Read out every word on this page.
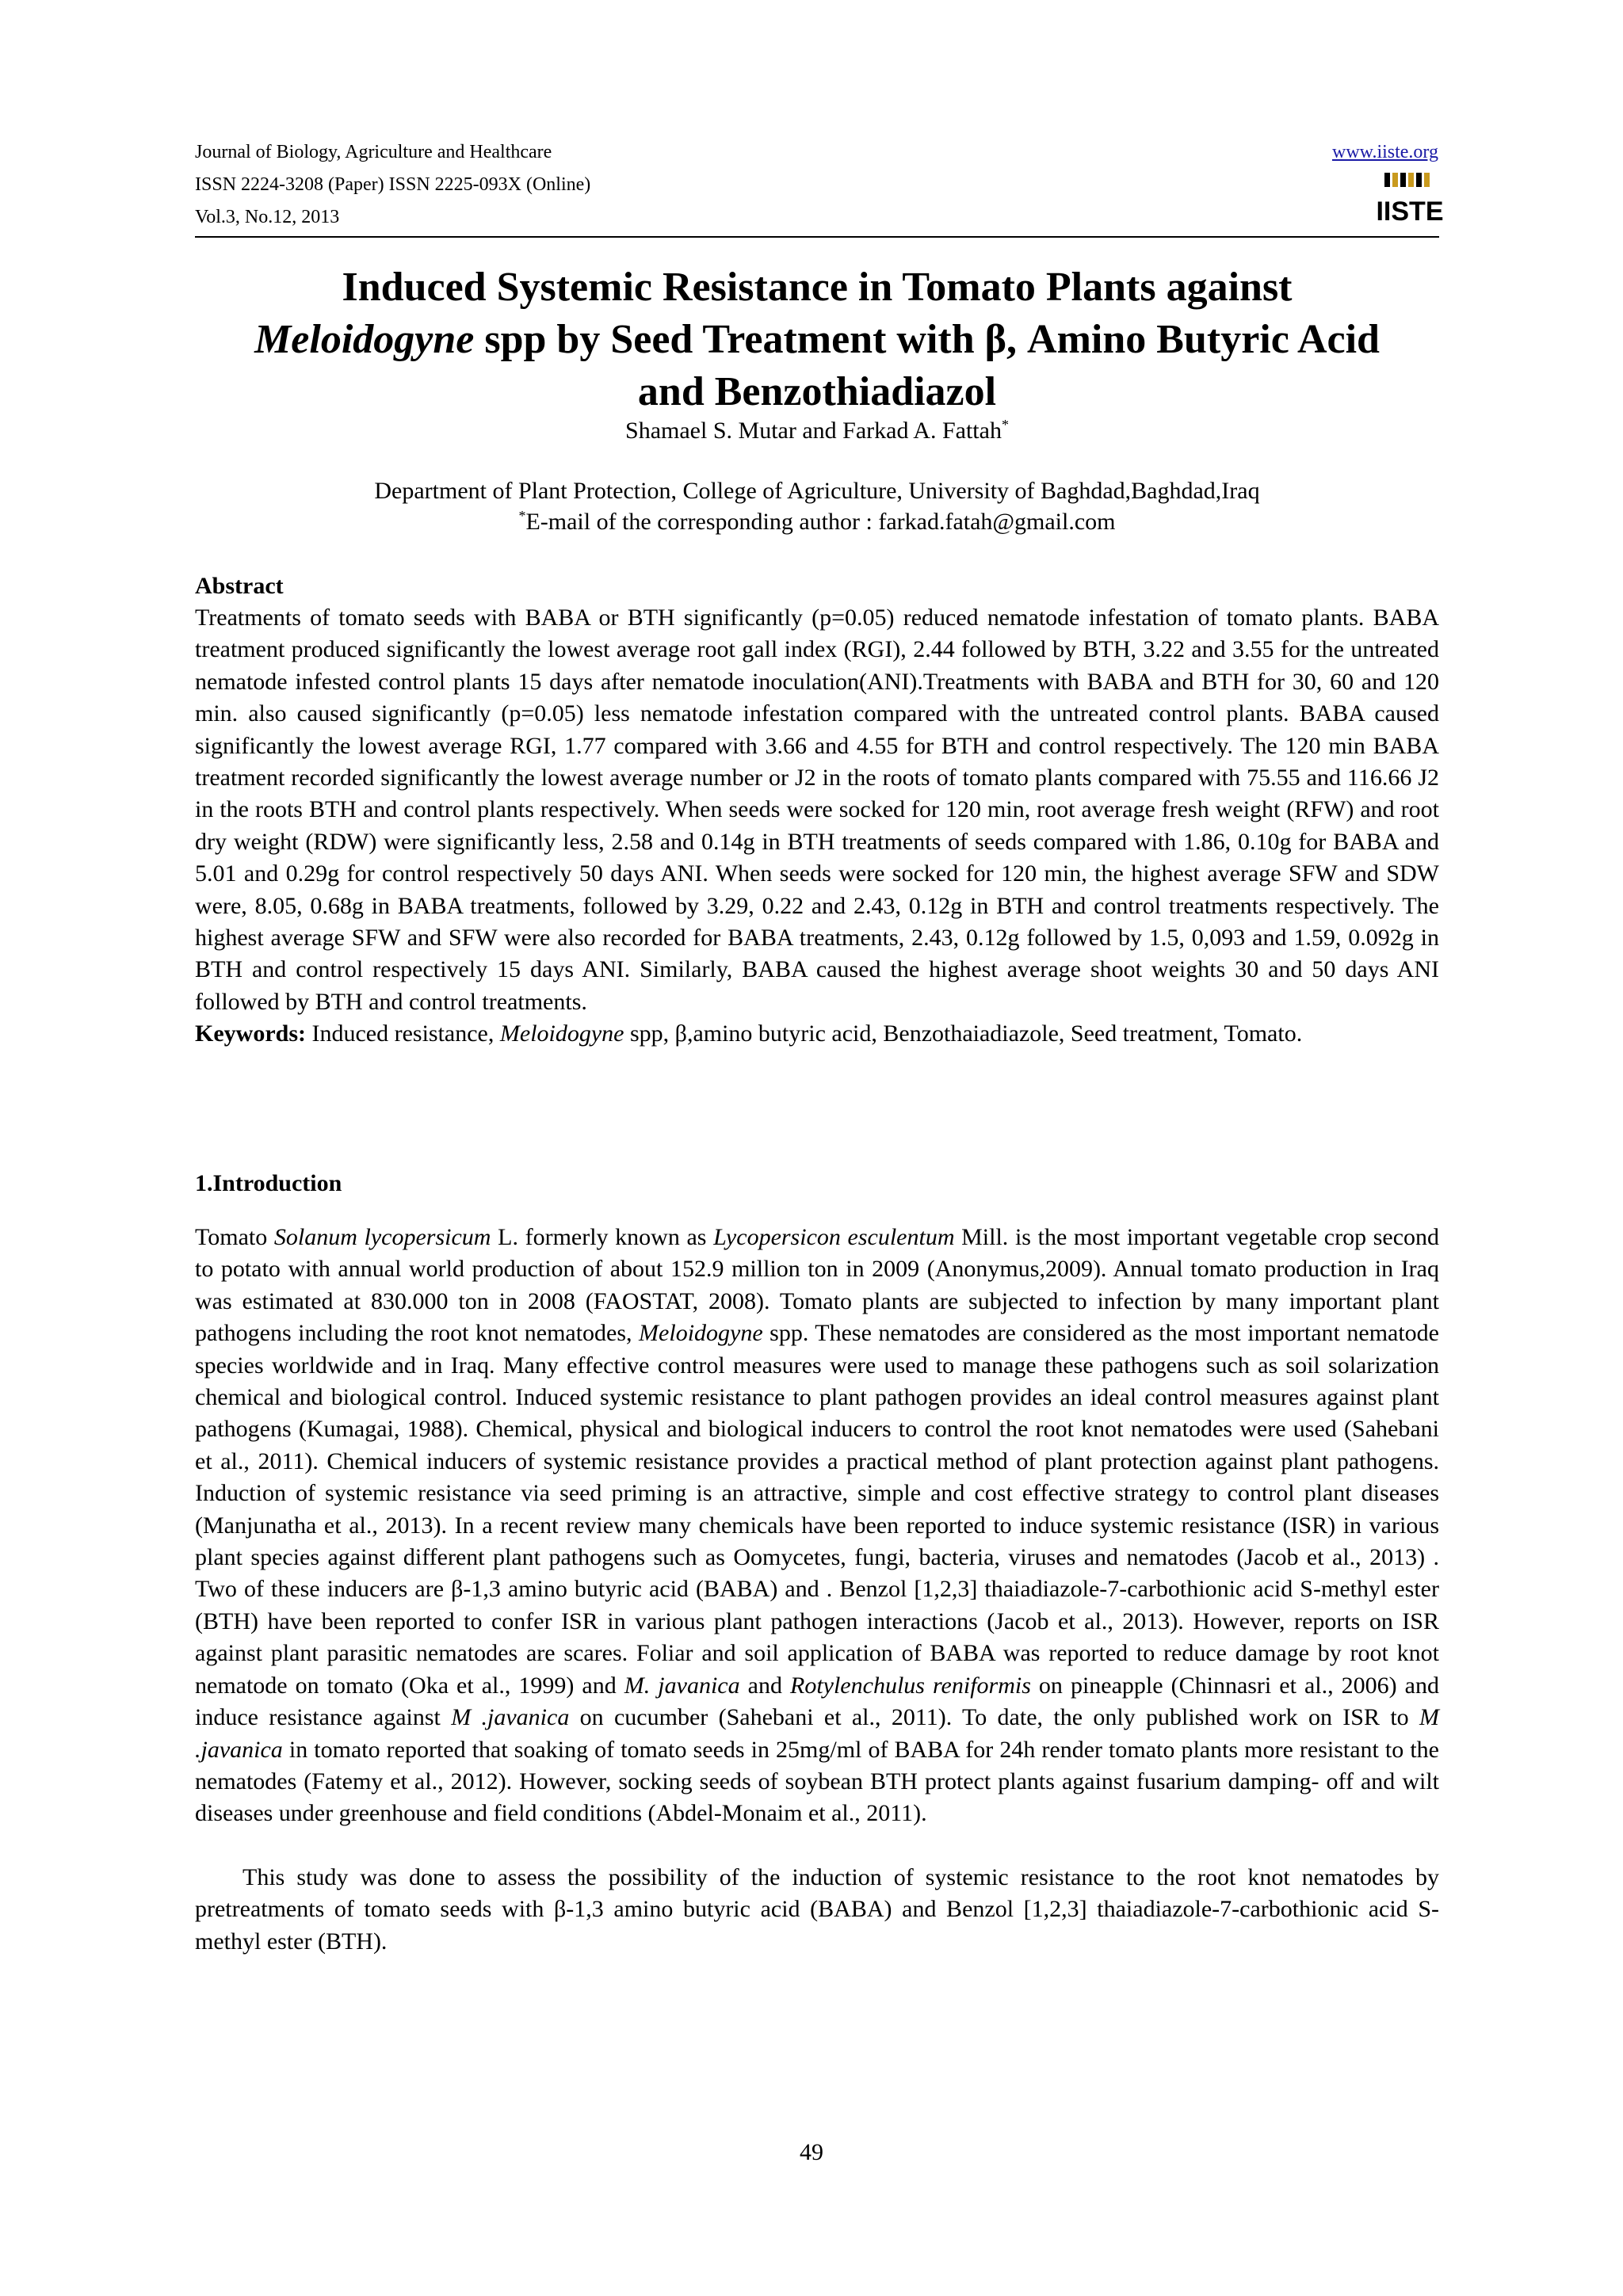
Journal of Biology, Agriculture and Healthcare
ISSN 2224-3208 (Paper) ISSN 2225-093X (Online)
Vol.3, No.12, 2013
www.iiste.org
IISTE
Induced Systemic Resistance in Tomato Plants against
Meloidogyne spp by Seed Treatment with β, Amino Butyric Acid
and Benzothiadiazol
Shamael S. Mutar and Farkad A. Fattah*
Department of Plant Protection, College of Agriculture, University of Baghdad,Baghdad,Iraq
*E-mail of the corresponding author : farkad.fatah@gmail.com
Abstract
Treatments of tomato seeds with BABA or BTH significantly (p=0.05) reduced nematode infestation of tomato plants. BABA treatment produced significantly the lowest average root gall index (RGI), 2.44 followed by BTH, 3.22 and 3.55 for the untreated nematode infested control plants 15 days after nematode inoculation(ANI).Treatments with BABA and BTH for 30, 60 and 120 min. also caused significantly (p=0.05) less nematode infestation compared with the untreated control plants. BABA caused significantly the lowest average RGI, 1.77 compared with 3.66 and 4.55 for BTH and control respectively. The 120 min BABA treatment recorded significantly the lowest average number or J2 in the roots of tomato plants compared with 75.55 and 116.66 J2 in the roots BTH and control plants respectively. When seeds were socked for 120 min, root average fresh weight (RFW) and root dry weight (RDW) were significantly less, 2.58 and 0.14g in BTH treatments of seeds compared with 1.86, 0.10g for BABA and 5.01 and 0.29g for control respectively 50 days ANI. When seeds were socked for 120 min, the highest average SFW and SDW were, 8.05, 0.68g in BABA treatments, followed by 3.29, 0.22 and 2.43, 0.12g in BTH and control treatments respectively. The highest average SFW and SFW were also recorded for BABA treatments, 2.43, 0.12g followed by 1.5, 0,093 and 1.59, 0.092g in BTH and control respectively 15 days ANI. Similarly, BABA caused the highest average shoot weights 30 and 50 days ANI followed by BTH and control treatments.
Keywords: Induced resistance, Meloidogyne spp, β,amino butyric acid, Benzothaiadiazole, Seed treatment, Tomato.
1.Introduction
Tomato Solanum lycopersicum L. formerly known as Lycopersicon esculentum Mill. is the most important vegetable crop second to potato with annual world production of about 152.9 million ton in 2009 (Anonymus,2009). Annual tomato production in Iraq was estimated at 830.000 ton in 2008 (FAOSTAT, 2008). Tomato plants are subjected to infection by many important plant pathogens including the root knot nematodes, Meloidogyne spp. These nematodes are considered as the most important nematode species worldwide and in Iraq. Many effective control measures were used to manage these pathogens such as soil solarization chemical and biological control. Induced systemic resistance to plant pathogen provides an ideal control measures against plant pathogens (Kumagai, 1988). Chemical, physical and biological inducers to control the root knot nematodes were used (Sahebani et al., 2011). Chemical inducers of systemic resistance provides a practical method of plant protection against plant pathogens. Induction of systemic resistance via seed priming is an attractive, simple and cost effective strategy to control plant diseases (Manjunatha et al., 2013). In a recent review many chemicals have been reported to induce systemic resistance (ISR) in various plant species against different plant pathogens such as Oomycetes, fungi, bacteria, viruses and nematodes (Jacob et al., 2013) . Two of these inducers are β-1,3 amino butyric acid (BABA) and . Benzol [1,2,3] thaiadiazole-7-carbothionic acid S-methyl ester (BTH) have been reported to confer ISR in various plant pathogen interactions (Jacob et al., 2013). However, reports on ISR against plant parasitic nematodes are scares. Foliar and soil application of BABA was reported to reduce damage by root knot nematode on tomato (Oka et al., 1999) and M. javanica and Rotylenchulus reniformis on pineapple (Chinnasri et al., 2006) and induce resistance against M .javanica on cucumber (Sahebani et al., 2011). To date, the only published work on ISR to M .javanica in tomato reported that soaking of tomato seeds in 25mg/ml of BABA for 24h render tomato plants more resistant to the nematodes (Fatemy et al., 2012). However, socking seeds of soybean BTH protect plants against fusarium damping- off and wilt diseases under greenhouse and field conditions (Abdel-Monaim et al., 2011).
This study was done to assess the possibility of the induction of systemic resistance to the root knot nematodes by pretreatments of tomato seeds with β-1,3 amino butyric acid (BABA) and Benzol [1,2,3] thaiadiazole-7-carbothionic acid S-methyl ester (BTH).
49
